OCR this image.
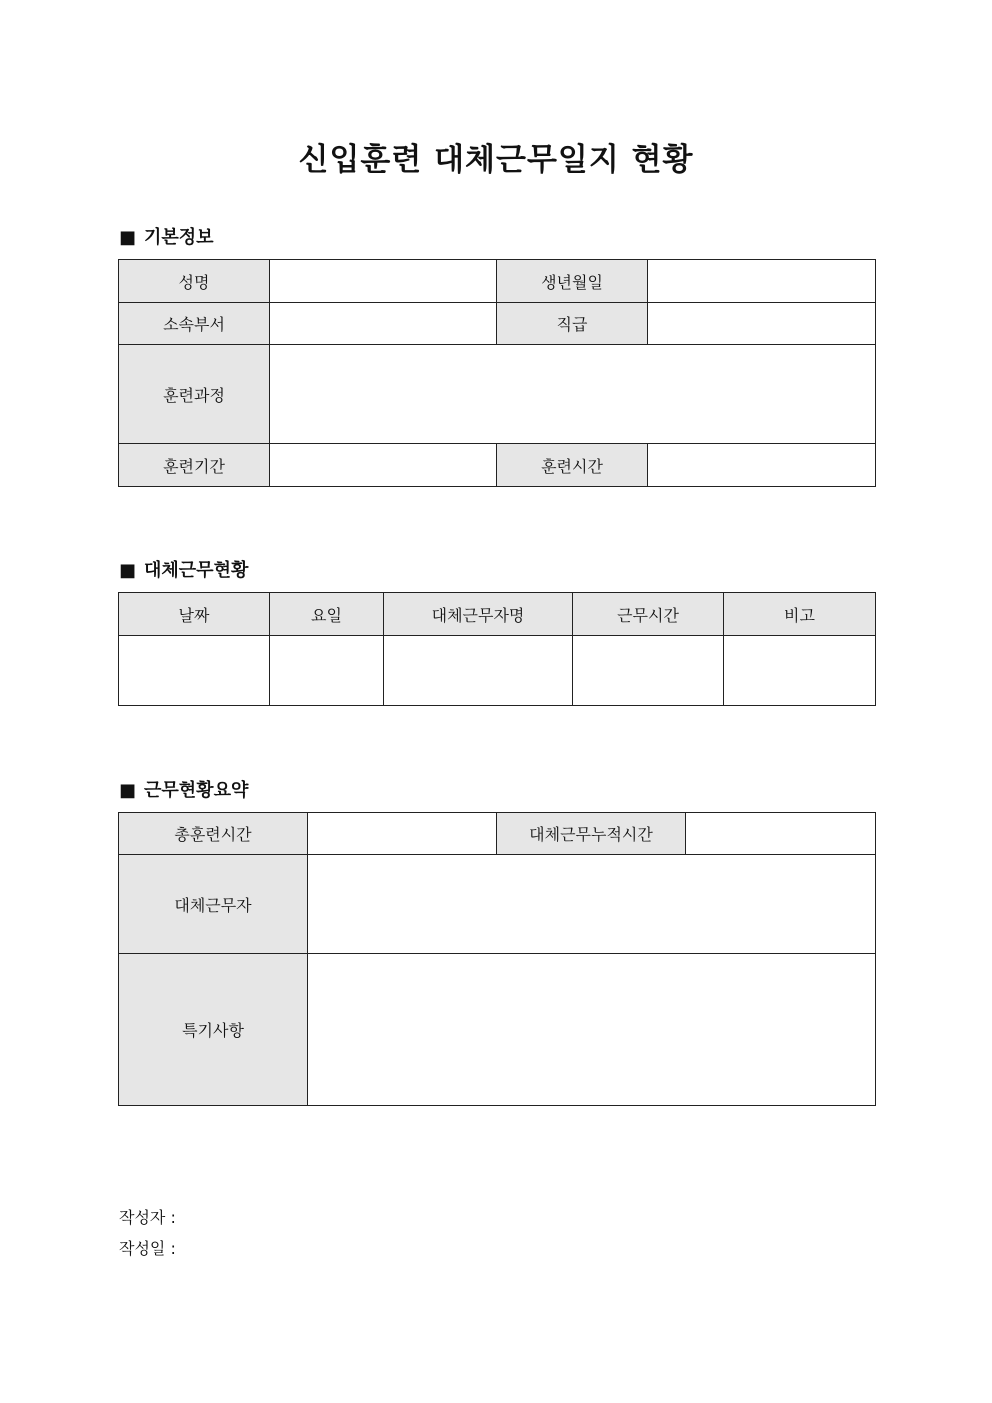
신입훈련 대체근무일지 현황
■ 기본정보
성명		생년월일	
소속부서		직급	
훈련과정			
훈련기간		훈련시간	
■ 대체근무현황
날짜	요일	대체근무자명	근무시간	비고

■ 근무현황요약
총훈련시간		대체근무누적시간	
대체근무자			
특기사항			
작성자 :
작성일 :
